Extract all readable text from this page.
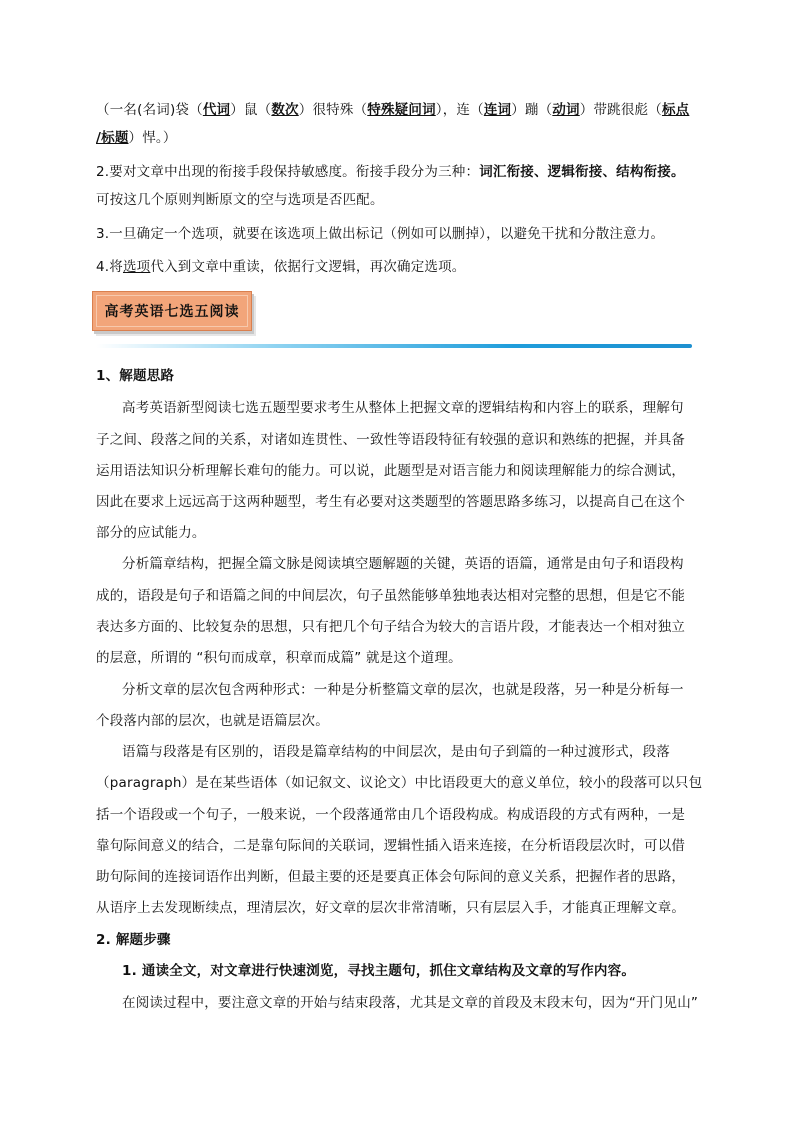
（一名(名词)袋（代词）鼠（数次）很特殊（特殊疑问词），连（连词）蹦（动词）带跳很彪（标点
/标题）悍。）
2.要对文章中出现的衔接手段保持敏感度。衔接手段分为三种：词汇衔接、逻辑衔接、结构衔接。
可按这几个原则判断原文的空与选项是否匹配。
3.一旦确定一个选项，就要在该选项上做出标记（例如可以删掉），以避免干扰和分散注意力。
4.将选项代入到文章中重读，依据行文逻辑，再次确定选项。
高考英语七选五阅读
1、解题思路
高考英语新型阅读七选五题型要求考生从整体上把握文章的逻辑结构和内容上的联系，理解句
子之间、段落之间的关系，对诸如连贯性、一致性等语段特征有较强的意识和熟练的把握，并具备
运用语法知识分析理解长难句的能力。可以说，此题型是对语言能力和阅读理解能力的综合测试，
因此在要求上远远高于这两种题型，考生有必要对这类题型的答题思路多练习，以提高自己在这个
部分的应试能力。
分析篇章结构，把握全篇文脉是阅读填空题解题的关键，英语的语篇，通常是由句子和语段构
成的，语段是句子和语篇之间的中间层次，句子虽然能够单独地表达相对完整的思想，但是它不能
表达多方面的、比较复杂的思想，只有把几个句子结合为较大的言语片段，才能表达一个相对独立
的层意，所谓的 “积句而成章，积章而成篇” 就是这个道理。
分析文章的层次包含两种形式：一种是分析整篇文章的层次，也就是段落，另一种是分析每一
个段落内部的层次，也就是语篇层次。
语篇与段落是有区别的，语段是篇章结构的中间层次，是由句子到篇的一种过渡形式，段落
（paragraph）是在某些语体（如记叙文、议论文）中比语段更大的意义单位，较小的段落可以只包
括一个语段或一个句子，一般来说，一个段落通常由几个语段构成。构成语段的方式有两种，一是
靠句际间意义的结合，二是靠句际间的关联词，逻辑性插入语来连接，在分析语段层次时，可以借
助句际间的连接词语作出判断，但最主要的还是要真正体会句际间的意义关系，把握作者的思路，
从语序上去发现断续点，理清层次，好文章的层次非常清晰，只有层层入手，才能真正理解文章。
2. 解题步骤
1. 通读全文，对文章进行快速浏览，寻找主题句，抓住文章结构及文章的写作内容。
在阅读过程中，要注意文章的开始与结束段落，尤其是文章的首段及末段末句，因为“开门见山”
